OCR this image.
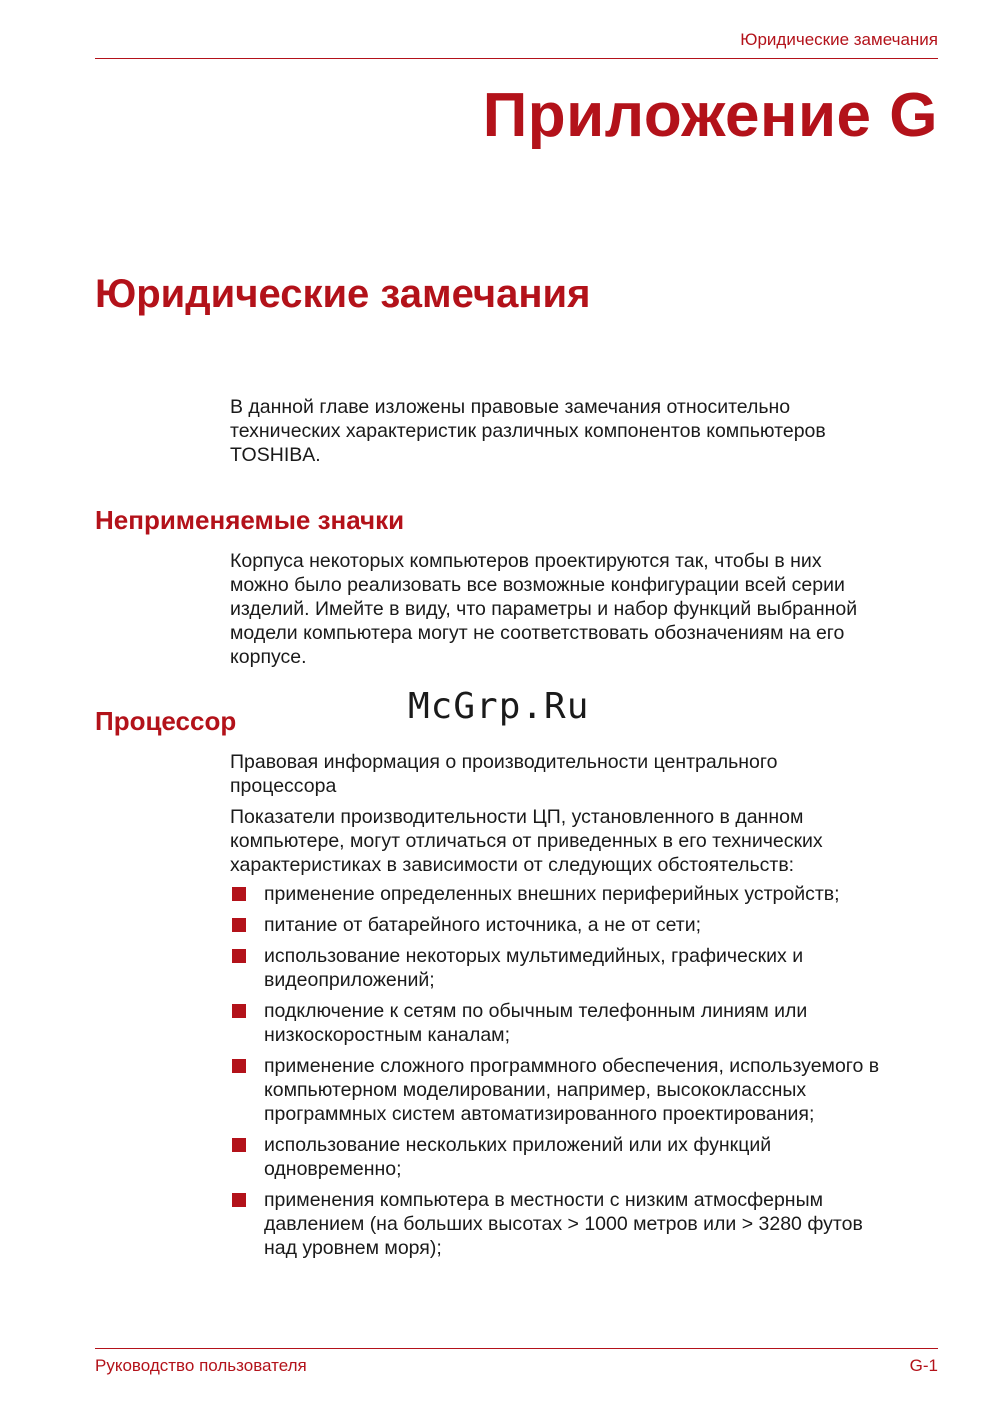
Юридические замечания
Приложение G
Юридические замечания
В данной главе изложены правовые замечания относительно
технических характеристик различных компонентов компьютеров
TOSHIBA.
Неприменяемые значки
Корпуса некоторых компьютеров проектируются так, чтобы в них
можно было реализовать все возможные конфигурации всей серии
изделий. Имейте в виду, что параметры и набор функций выбранной
модели компьютера могут не соответствовать обозначениям на его
корпусе.
McGrp.Ru
Процессор
Правовая информация о производительности центрального
процессора
Показатели производительности ЦП, установленного в данном
компьютере, могут отличаться от приведенных в его технических
характеристиках в зависимости от следующих обстоятельств:
применение определенных внешних периферийных устройств;
питание от батарейного источника, а не от сети;
использование некоторых мультимедийных, графических и
видеоприложений;
подключение к сетям по обычным телефонным линиям или
низкоскоростным каналам;
применение сложного программного обеспечения, используемого в
компьютерном моделировании, например, высококлассных
программных систем автоматизированного проектирования;
использование нескольких приложений или их функций
одновременно;
применения компьютера в местности с низким атмосферным
давлением (на больших высотах > 1000 метров или > 3280 футов
над уровнем моря);
Руководство пользователя	G-1
